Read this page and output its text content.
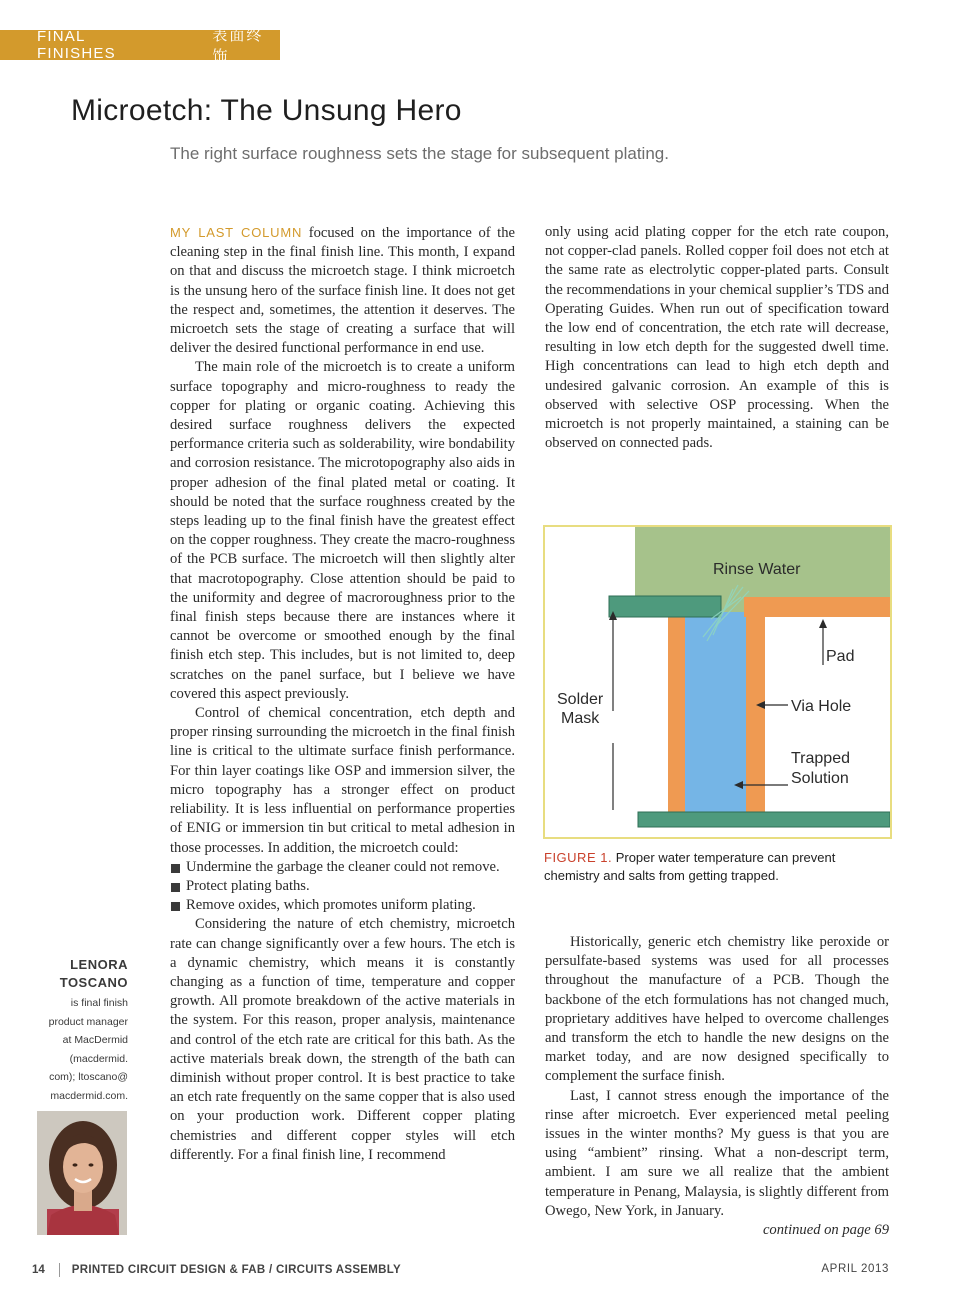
FINAL FINISHES
表面终饰
Microetch: The Unsung Hero
The right surface roughness sets the stage for subsequent plating.

MY LAST COLUMN focused on the importance of the cleaning step in the final finish line. This month, I expand on that and discuss the microetch stage. I think microetch is the unsung hero of the surface finish line. It does not get the respect and, sometimes, the attention it deserves. The microetch sets the stage of creating a surface that will deliver the desired functional performance in end use.

The main role of the microetch is to create a uniform surface topography and micro-roughness to ready the copper for plating or organic coating. Achieving this desired surface roughness delivers the expected performance criteria such as solderability, wire bondability and corrosion resistance. The microtopography also aids in proper adhesion of the final plated metal or coating. It should be noted that the surface roughness created by the steps leading up to the final finish have the greatest effect on the copper roughness. They create the macro-roughness of the PCB surface. The microetch will then slightly alter that macrotopography. Close attention should be paid to the uniformity and degree of macroroughness prior to the final finish steps because there are instances where it cannot be overcome or smoothed enough by the final finish etch step. This includes, but is not limited to, deep scratches on the panel surface, but I believe we have covered this aspect previously.

Control of chemical concentration, etch depth and proper rinsing surrounding the microetch in the final finish line is critical to the ultimate surface finish performance. For thin layer coatings like OSP and immersion silver, the micro topography has a stronger effect on product reliability. It is less influential on performance properties of ENIG or immersion tin but critical to metal adhesion in those processes. In addition, the microetch could:

Undermine the garbage the cleaner could not remove.
Protect plating baths.
Remove oxides, which promotes uniform plating.

Considering the nature of etch chemistry, microetch rate can change significantly over a few hours. The etch is a dynamic chemistry, which means it is constantly changing as a function of time, temperature and copper growth. All promote breakdown of the active materials in the system. For this reason, proper analysis, maintenance and control of the etch rate are critical for this bath. As the active materials break down, the strength of the bath can diminish without proper control. It is best practice to take an etch rate frequently on the same copper that is also used on your production work. Different copper plating chemistries and different copper styles will etch differently. For a final finish line, I recommend

only using acid plating copper for the etch rate coupon, not copper-clad panels. Rolled copper foil does not etch at the same rate as electrolytic copper-plated parts. Consult the recommendations in your chemical supplier’s TDS and Operating Guides. When run out of specification toward the low end of concentration, the etch rate will decrease, resulting in low etch depth for the suggested dwell time. High concentrations can lead to high etch depth and undesired galvanic corrosion. An example of this is observed with selective OSP processing. When the microetch is not properly maintained, a staining can be observed on connected pads.

Rinse Water
Pad
Solder
Mask
Via Hole
Trapped
Solution
FIGURE 1. Proper water temperature can prevent chemistry and salts from getting trapped.

Historically, generic etch chemistry like peroxide or persulfate-based systems was used for all processes throughout the manufacture of a PCB. Though the backbone of the etch formulations has not changed much, proprietary additives have helped to overcome challenges and transform the etch to handle the new designs on the market today, and are now designed specifically to complement the surface finish.

Last, I cannot stress enough the importance of the rinse after microetch. Ever experienced metal peeling issues in the winter months? My guess is that you are using “ambient” rinsing. What a non-descript term, ambient. I am sure we all realize that the ambient temperature in Penang, Malaysia, is slightly different from Owego, New York, in January.

continued on page 69
LENORA
TOSCANO
is final finish
product manager
at MacDermid
(macdermid.
com); ltoscano@
macdermid.com.
14 PRINTED CIRCUIT DESIGN & FAB / CIRCUITS ASSEMBLY	APRIL 2013
